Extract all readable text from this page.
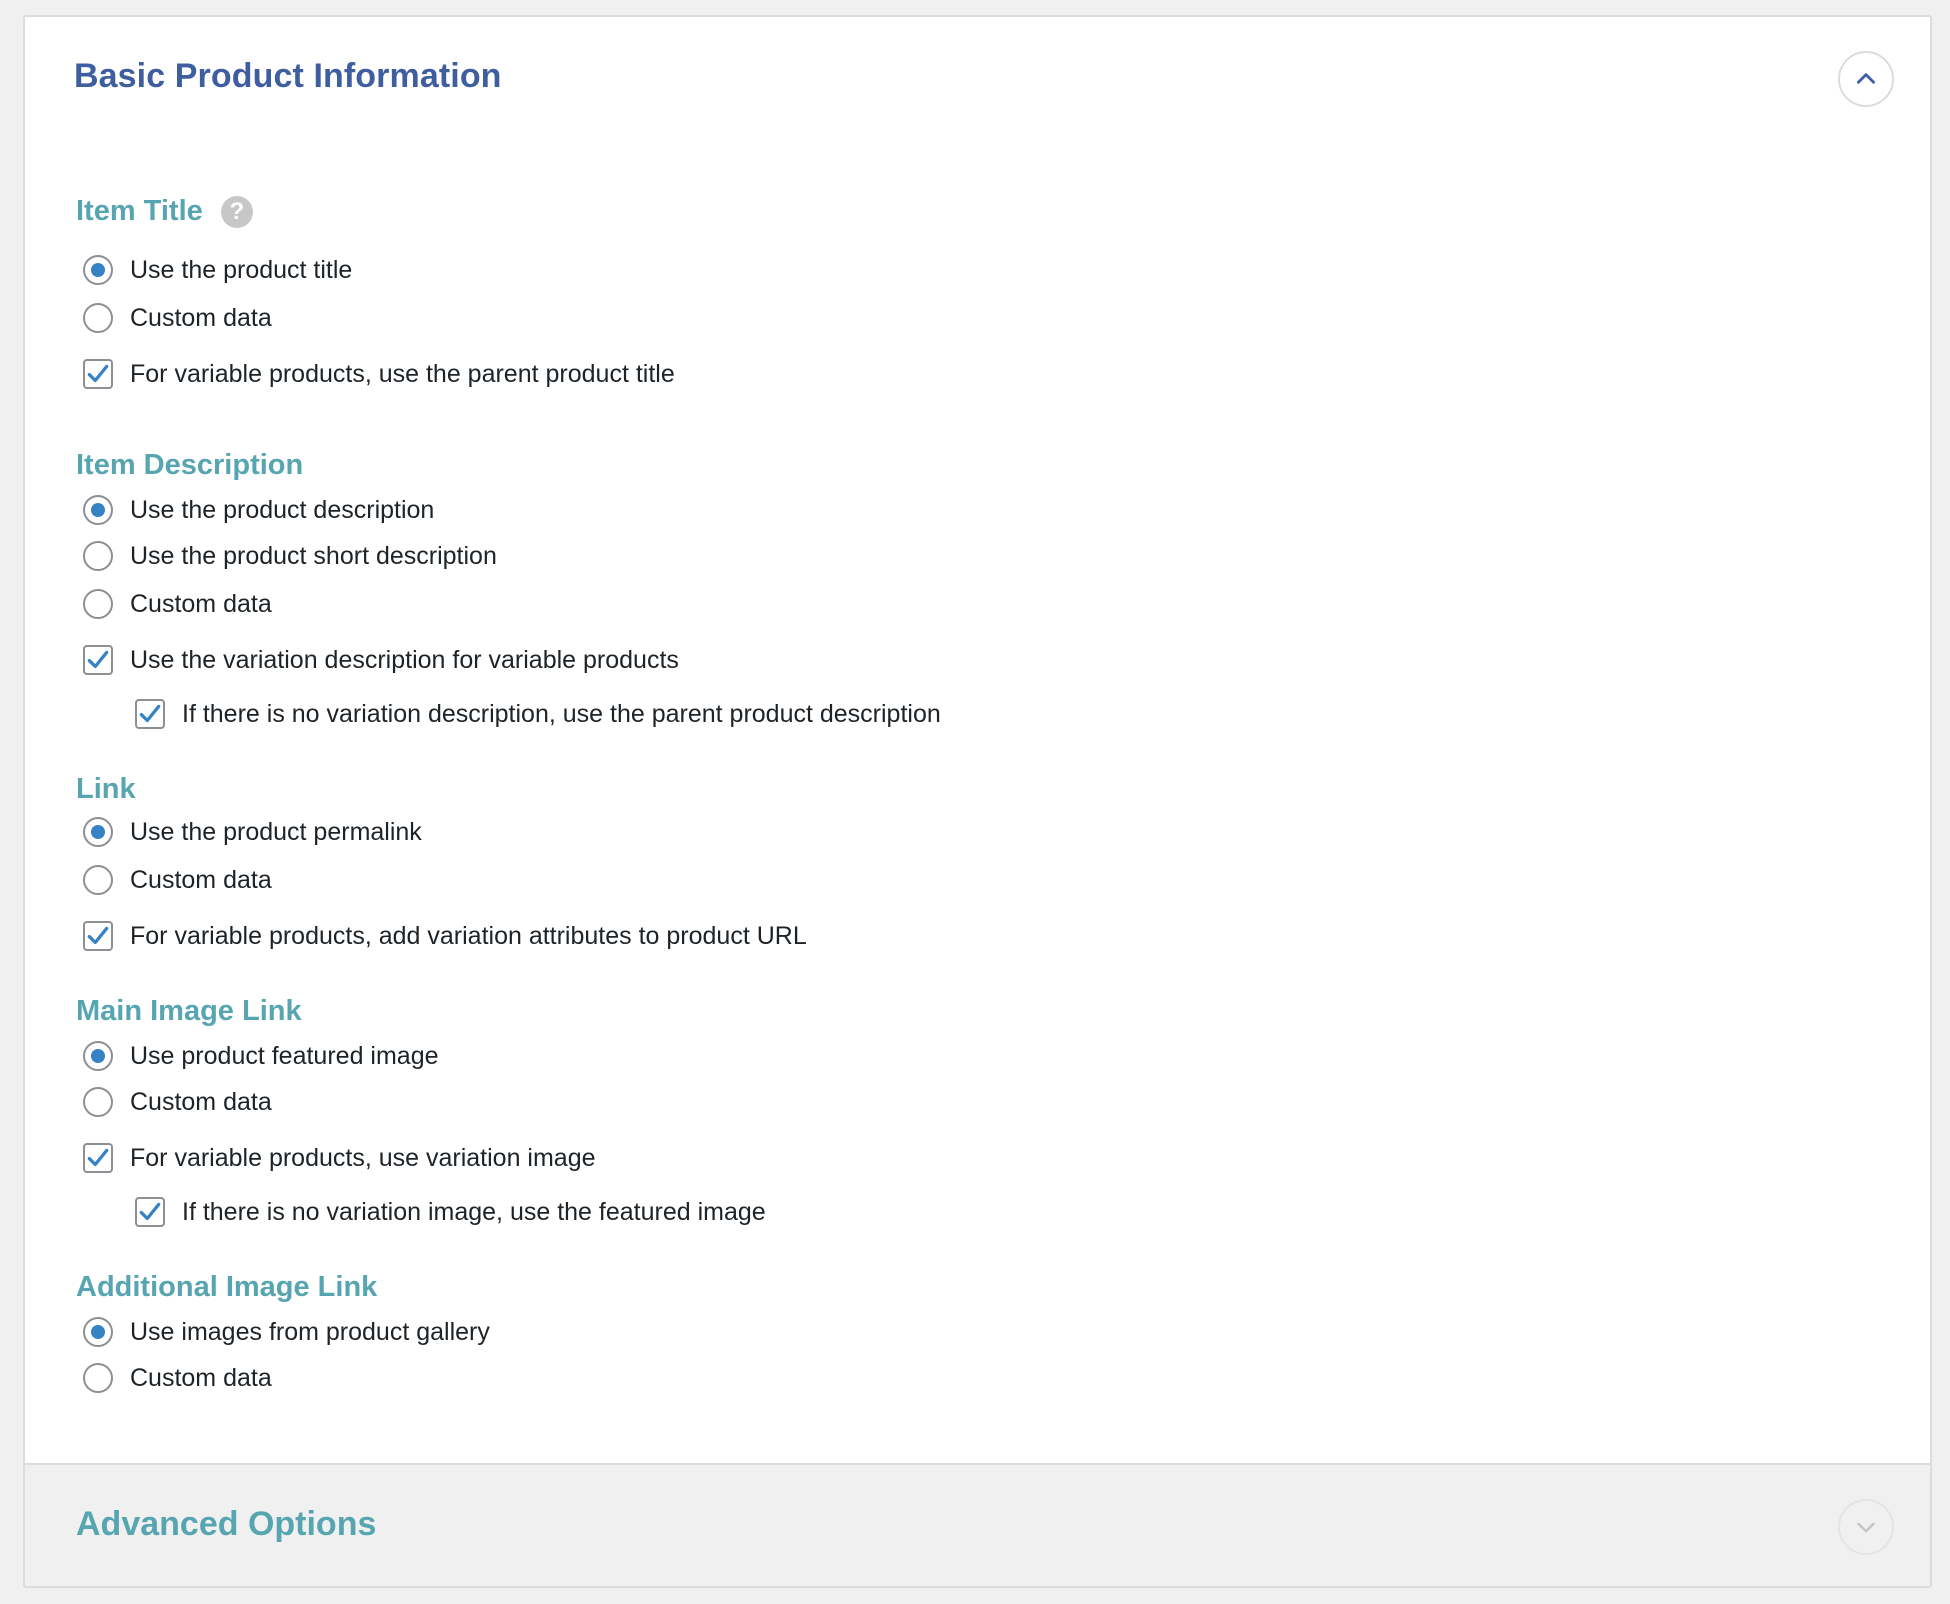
Basic Product Information
Item Title	?
Use the product title
Custom data
For variable products, use the parent product title
Item Description
Use the product description
Use the product short description
Custom data
Use the variation description for variable products
If there is no variation description, use the parent product description
Link
Use the product permalink
Custom data
For variable products, add variation attributes to product URL
Main Image Link
Use product featured image
Custom data
For variable products, use variation image
If there is no variation image, use the featured image
Additional Image Link
Use images from product gallery
Custom data
Advanced Options
